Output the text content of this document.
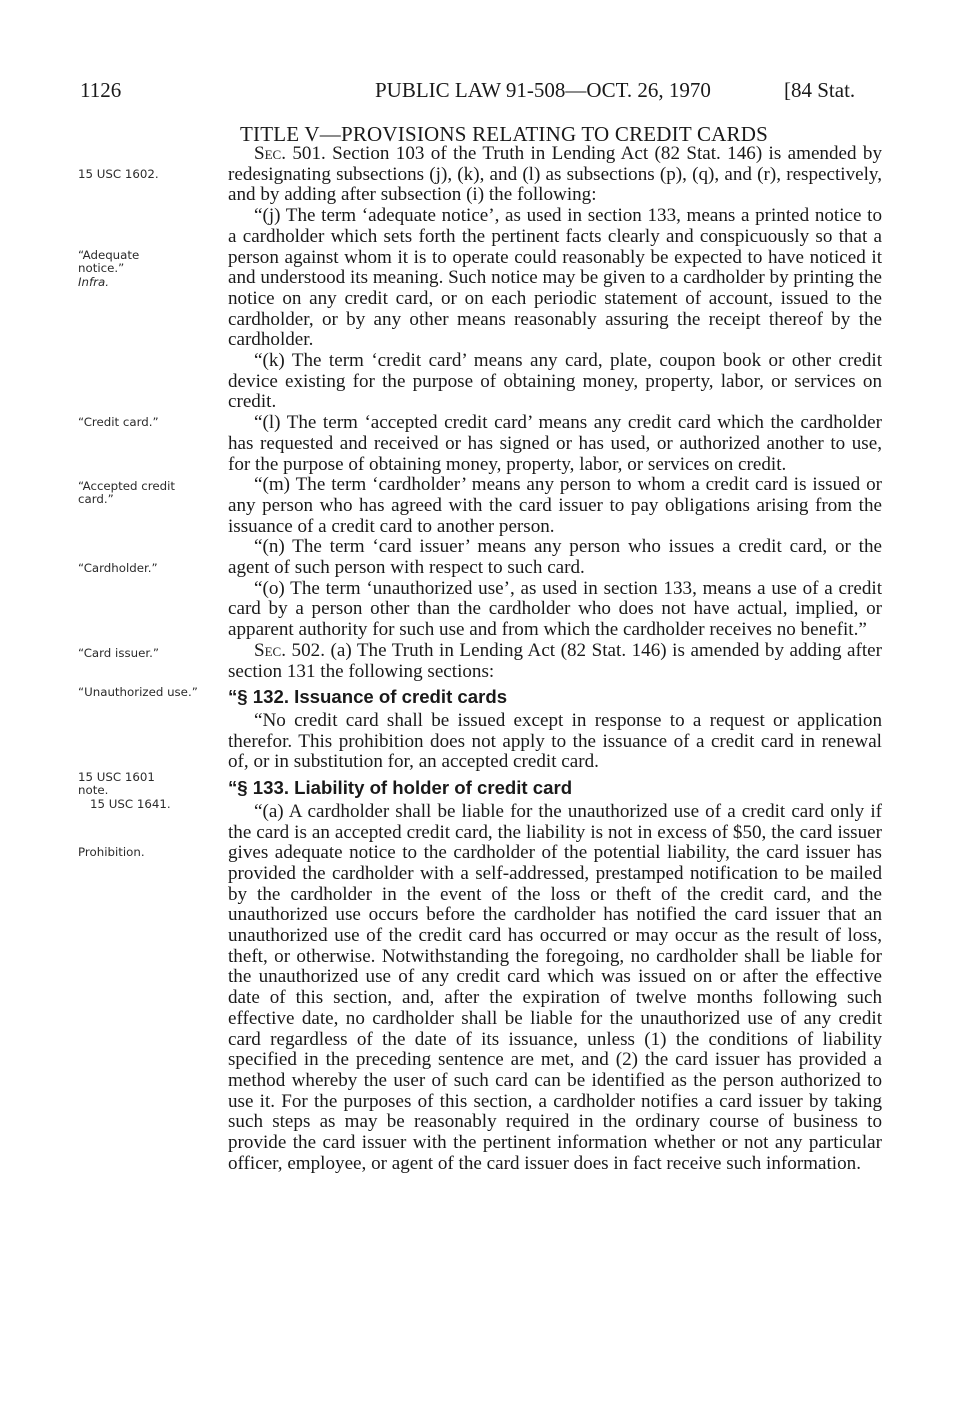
1126	PUBLIC LAW 91-508—OCT. 26, 1970	[84 Stat.
TITLE V—PROVISIONS RELATING TO CREDIT CARDS
15 USC 1602.
“Adequate notice.”
Infra.
“Credit card.”
“Accepted credit card.”
“Cardholder.”
“Card issuer.”
“Unauthorized use.”
15 USC 1601 note.
15 USC 1641.
Prohibition.

Sec. 501. Section 103 of the Truth in Lending Act (82 Stat. 146) is amended by redesignating subsections (j), (k), and (l) as subsections (p), (q), and (r), respectively, and by adding after subsection (i) the following:

“(j) The term ‘adequate notice’, as used in section 133, means a printed notice to a cardholder which sets forth the pertinent facts clearly and conspicuously so that a person against whom it is to operate could reasonably be expected to have noticed it and understood its meaning. Such notice may be given to a cardholder by printing the notice on any credit card, or on each periodic statement of account, issued to the cardholder, or by any other means reasonably assuring the receipt thereof by the cardholder.

“(k) The term ‘credit card’ means any card, plate, coupon book or other credit device existing for the purpose of obtaining money, property, labor, or services on credit.

“(l) The term ‘accepted credit card’ means any credit card which the cardholder has requested and received or has signed or has used, or authorized another to use, for the purpose of obtaining money, property, labor, or services on credit.

“(m) The term ‘cardholder’ means any person to whom a credit card is issued or any person who has agreed with the card issuer to pay obligations arising from the issuance of a credit card to another person.

“(n) The term ‘card issuer’ means any person who issues a credit card, or the agent of such person with respect to such card.

“(o) The term ‘unauthorized use’, as used in section 133, means a use of a credit card by a person other than the cardholder who does not have actual, implied, or apparent authority for such use and from which the cardholder receives no benefit.”

Sec. 502. (a) The Truth in Lending Act (82 Stat. 146) is amended by adding after section 131 the following sections:

“§ 132. Issuance of credit cards

“No credit card shall be issued except in response to a request or application therefor. This prohibition does not apply to the issuance of a credit card in renewal of, or in substitution for, an accepted credit card.

“§ 133. Liability of holder of credit card

“(a) A cardholder shall be liable for the unauthorized use of a credit card only if the card is an accepted credit card, the liability is not in excess of $50, the card issuer gives adequate notice to the cardholder of the potential liability, the card issuer has provided the cardholder with a self-addressed, prestamped notification to be mailed by the cardholder in the event of the loss or theft of the credit card, and the unauthorized use occurs before the cardholder has notified the card issuer that an unauthorized use of the credit card has occurred or may occur as the result of loss, theft, or otherwise. Notwithstanding the foregoing, no cardholder shall be liable for the unauthorized use of any credit card which was issued on or after the effective date of this section, and, after the expiration of twelve months following such effective date, no cardholder shall be liable for the unauthorized use of any credit card regardless of the date of its issuance, unless (1) the conditions of liability specified in the preceding sentence are met, and (2) the card issuer has provided a method whereby the user of such card can be identified as the person authorized to use it. For the purposes of this section, a cardholder notifies a card issuer by taking such steps as may be reasonably required in the ordinary course of business to provide the card issuer with the pertinent information whether or not any particular officer, employee, or agent of the card issuer does in fact receive such information.
